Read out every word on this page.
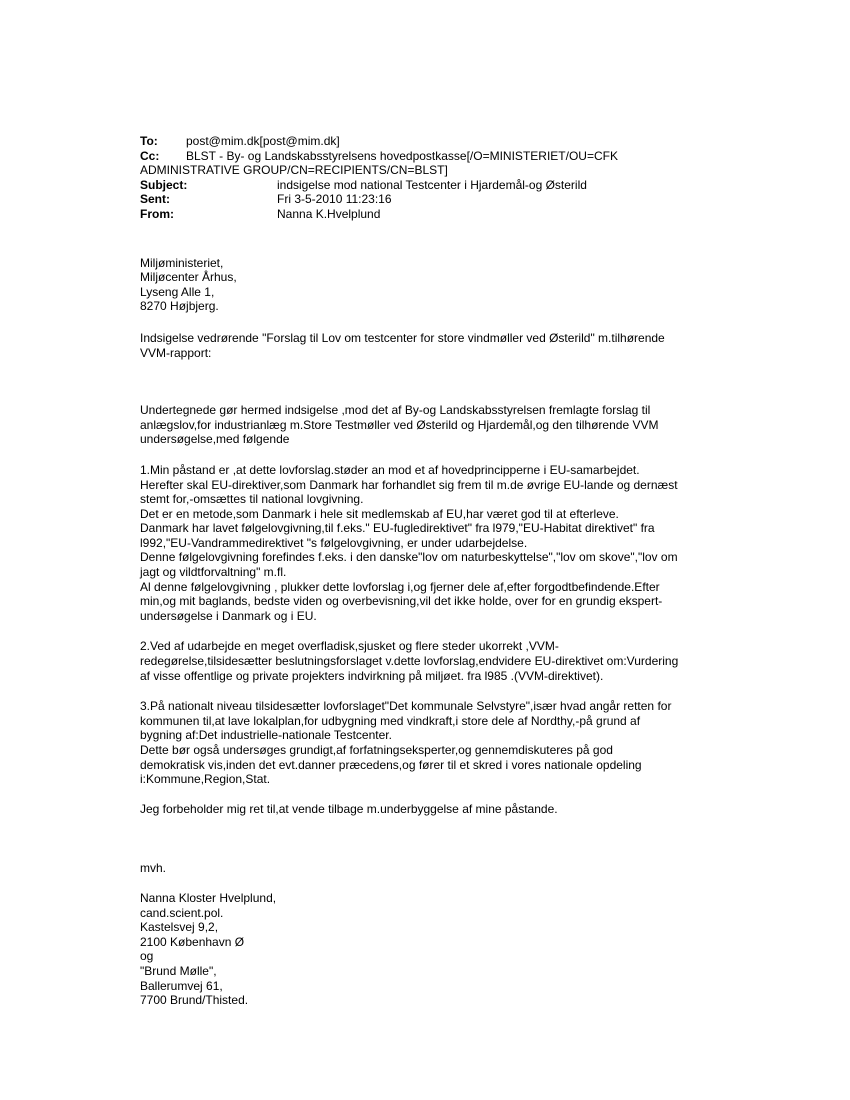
To: post@mim.dk[post@mim.dk]
Cc: BLST - By- og Landskabsstyrelsens hovedpostkasse[/O=MINISTERIET/OU=CFK
ADMINISTRATIVE GROUP/CN=RECIPIENTS/CN=BLST]
Subject:	indsigelse mod national Testcenter i Hjardemål-og Østerild
Sent:	Fri 3-5-2010 11:23:16
From:	Nanna K.Hvelplund
Miljøministeriet,
Miljøcenter Århus,
Lyseng Alle 1,
8270 Højbjerg.
Indsigelse vedrørende "Forslag til Lov om testcenter for store vindmøller ved Østerild" m.tilhørende
VVM-rapport:
Undertegnede gør hermed indsigelse ,mod det af By-og Landskabsstyrelsen fremlagte forslag til
anlægslov,for industrianlæg m.Store Testmøller ved Østerild og Hjardemål,og den tilhørende VVM
undersøgelse,med følgende
1.Min påstand er ,at dette lovforslag.støder an mod et af hovedprincipperne i EU-samarbejdet.
Herefter skal EU-direktiver,som Danmark har forhandlet sig frem til m.de øvrige EU-lande og dernæst
stemt for,-omsættes til national lovgivning.
Det er en metode,som Danmark i hele sit medlemskab af EU,har været god til at efterleve.
Danmark har lavet følgelovgivning,til f.eks." EU-fugledirektivet" fra l979,"EU-Habitat direktivet" fra
l992,"EU-Vandrammedirektivet "s følgelovgivning, er under udarbejdelse.
Denne følgelovgivning forefindes f.eks. i den danske"lov om naturbeskyttelse","lov om skove","lov om
jagt og vildtforvaltning" m.fl.
Al denne følgelovgivning , plukker dette lovforslag i,og fjerner dele af,efter forgodtbefindende.Efter
min,og mit baglands, bedste viden og overbevisning,vil det ikke holde, over for en grundig ekspert-
undersøgelse i Danmark og i EU.
2.Ved af udarbejde en meget overfladisk,sjusket og flere steder ukorrekt ,VVM-
redegørelse,tilsidesætter beslutningsforslaget v.dette lovforslag,endvidere EU-direktivet om:Vurdering
af visse offentlige og private projekters indvirkning på miljøet. fra l985 .(VVM-direktivet).
3.På nationalt niveau tilsidesætter lovforslaget"Det kommunale Selvstyre",især hvad angår retten for
kommunen til,at lave lokalplan,for udbygning med vindkraft,i store dele af Nordthy,-på grund af
bygning af:Det industrielle-nationale Testcenter.
Dette bør også undersøges grundigt,af forfatningseksperter,og gennemdiskuteres på god
demokratisk vis,inden det evt.danner præcedens,og fører til et skred i vores nationale opdeling
i:Kommune,Region,Stat.
Jeg forbeholder mig ret til,at vende tilbage m.underbyggelse af mine påstande.
mvh.
Nanna Kloster Hvelplund,
cand.scient.pol.
Kastelsvej 9,2,
2100 København Ø
og
"Brund Mølle",
Ballerumvej 61,
7700 Brund/Thisted.
